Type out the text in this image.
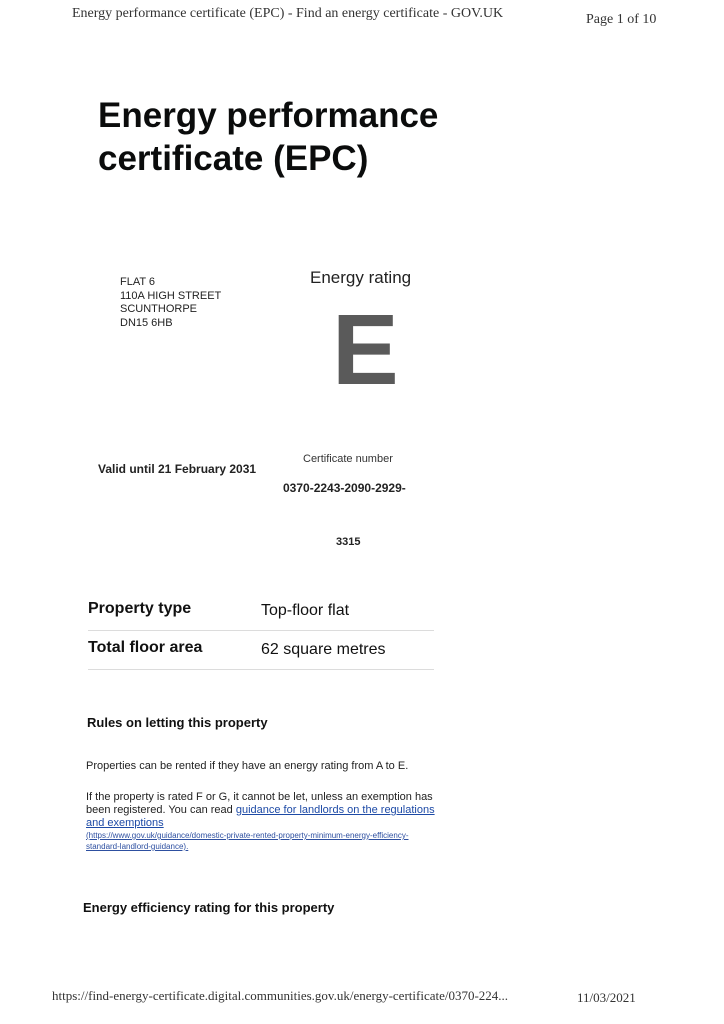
Energy performance certificate (EPC) - Find an energy certificate - GOV.UK	Page 1 of 10
Energy performance certificate (EPC)
FLAT 6
110A HIGH STREET
SCUNTHORPE
DN15 6HB
Energy rating
E
Valid until 21 February 2031
Certificate number
0370-2243-2090-2929-
3315
Property type	Top-floor flat
Total floor area	62 square metres
Rules on letting this property
Properties can be rented if they have an energy rating from A to E.
If the property is rated F or G, it cannot be let, unless an exemption has been registered. You can read guidance for landlords on the regulations and exemptions
(https://www.gov.uk/guidance/domestic-private-rented-property-minimum-energy-efficiency-standard-landlord-guidance).
Energy efficiency rating for this property
https://find-energy-certificate.digital.communities.gov.uk/energy-certificate/0370-224...	11/03/2021
